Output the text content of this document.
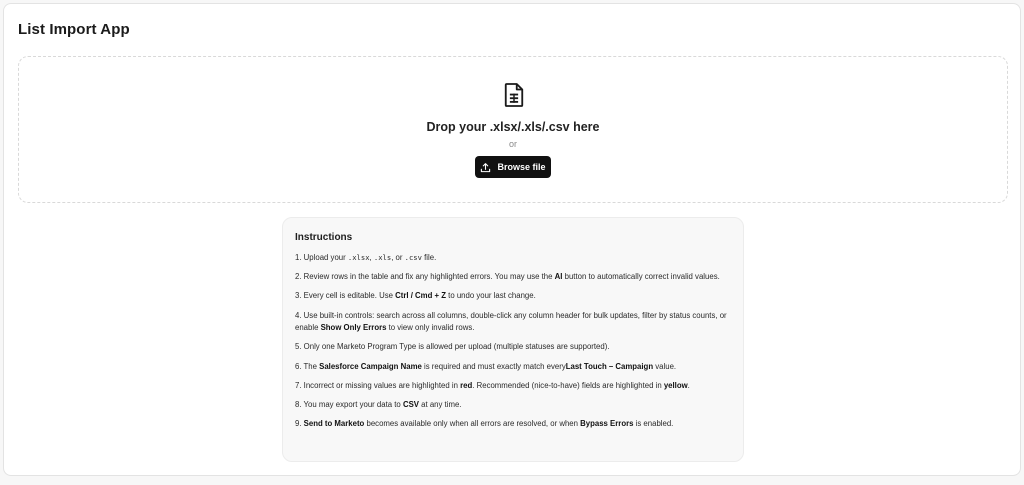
List Import App
Drop your .xlsx/.xls/.csv here
or
Browse file
Instructions
1. Upload your .xlsx, .xls, or .csv file.
2. Review rows in the table and fix any highlighted errors. You may use the AI button to automatically correct invalid values.
3. Every cell is editable. Use Ctrl / Cmd + Z to undo your last change.
4. Use built-in controls: search across all columns, double-click any column header for bulk updates, filter by status counts, or enable Show Only Errors to view only invalid rows.
5. Only one Marketo Program Type is allowed per upload (multiple statuses are supported).
6. The Salesforce Campaign Name is required and must exactly match everyLast Touch – Campaign value.
7. Incorrect or missing values are highlighted in red. Recommended (nice-to-have) fields are highlighted in yellow.
8. You may export your data to CSV at any time.
9. Send to Marketo becomes available only when all errors are resolved, or when Bypass Errors is enabled.
